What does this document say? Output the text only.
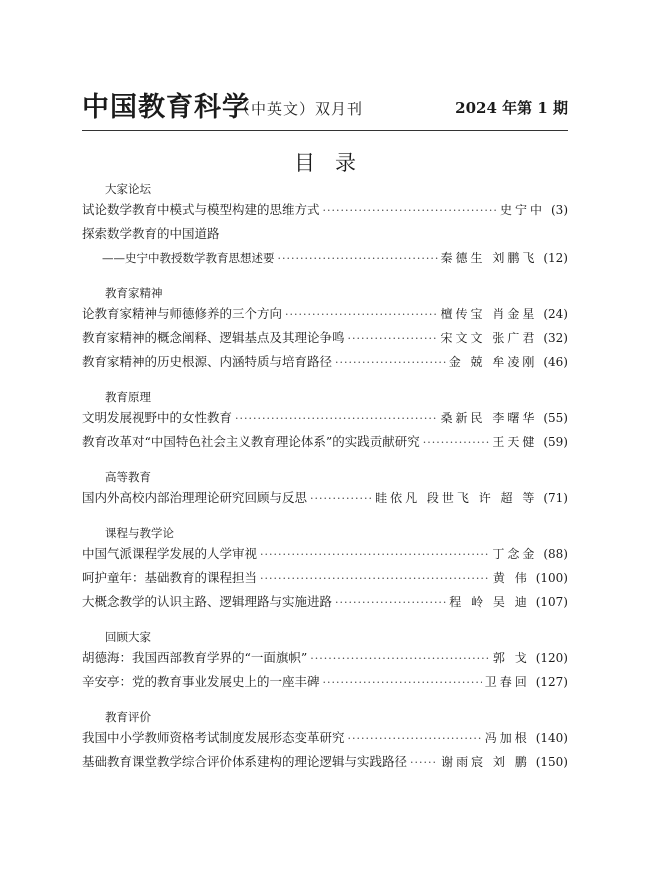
中国教育科学
（中英文）双月刊	2024 年第 1 期
目录
大家论坛
试论数学教育中模式与模型构建的思维方式 ·····	史宁中 (3)
探索数学教育的中国道路
——史宁中教授数学教育思想述要 ·····	秦德生 刘鹏飞 (12)
教育家精神
论教育家精神与师德修养的三个方向 ·····	檀传宝 肖金星 (24)
教育家精神的概念阐释、逻辑基点及其理论争鸣 ·····	宋文文 张广君 (32)
教育家精神的历史根源、内涵特质与培育路径 ·····	金 兢 牟凌刚 (46)
教育原理
文明发展视野中的女性教育 ·····	桑新民 李曙华 (55)
教育改革对“中国特色社会主义教育理论体系”的实践贡献研究 ·····	王天健 (59)
高等教育
国内外高校内部治理理论研究回顾与反思 ·····	眭依凡 段世飞 许 超 等 (71)
课程与教学论
中国气派课程学发展的人学审视 ·····	丁念金 (88)
呵护童年：基础教育的课程担当 ·····	黄 伟 (100)
大概念教学的认识主路、逻辑理路与实施进路 ·····	程 岭 吴 迪 (107)
回顾大家
胡德海：我国西部教育学界的“一面旗帜” ·····	郭 戈 (120)
辛安亭：党的教育事业发展史上的一座丰碑 ·····	卫春回 (127)
教育评价
我国中小学教师资格考试制度发展形态变革研究 ·····	冯加根 (140)
基础教育课堂教学综合评价体系建构的理论逻辑与实践路径 ·····	谢雨宸 刘 鹏 (150)
